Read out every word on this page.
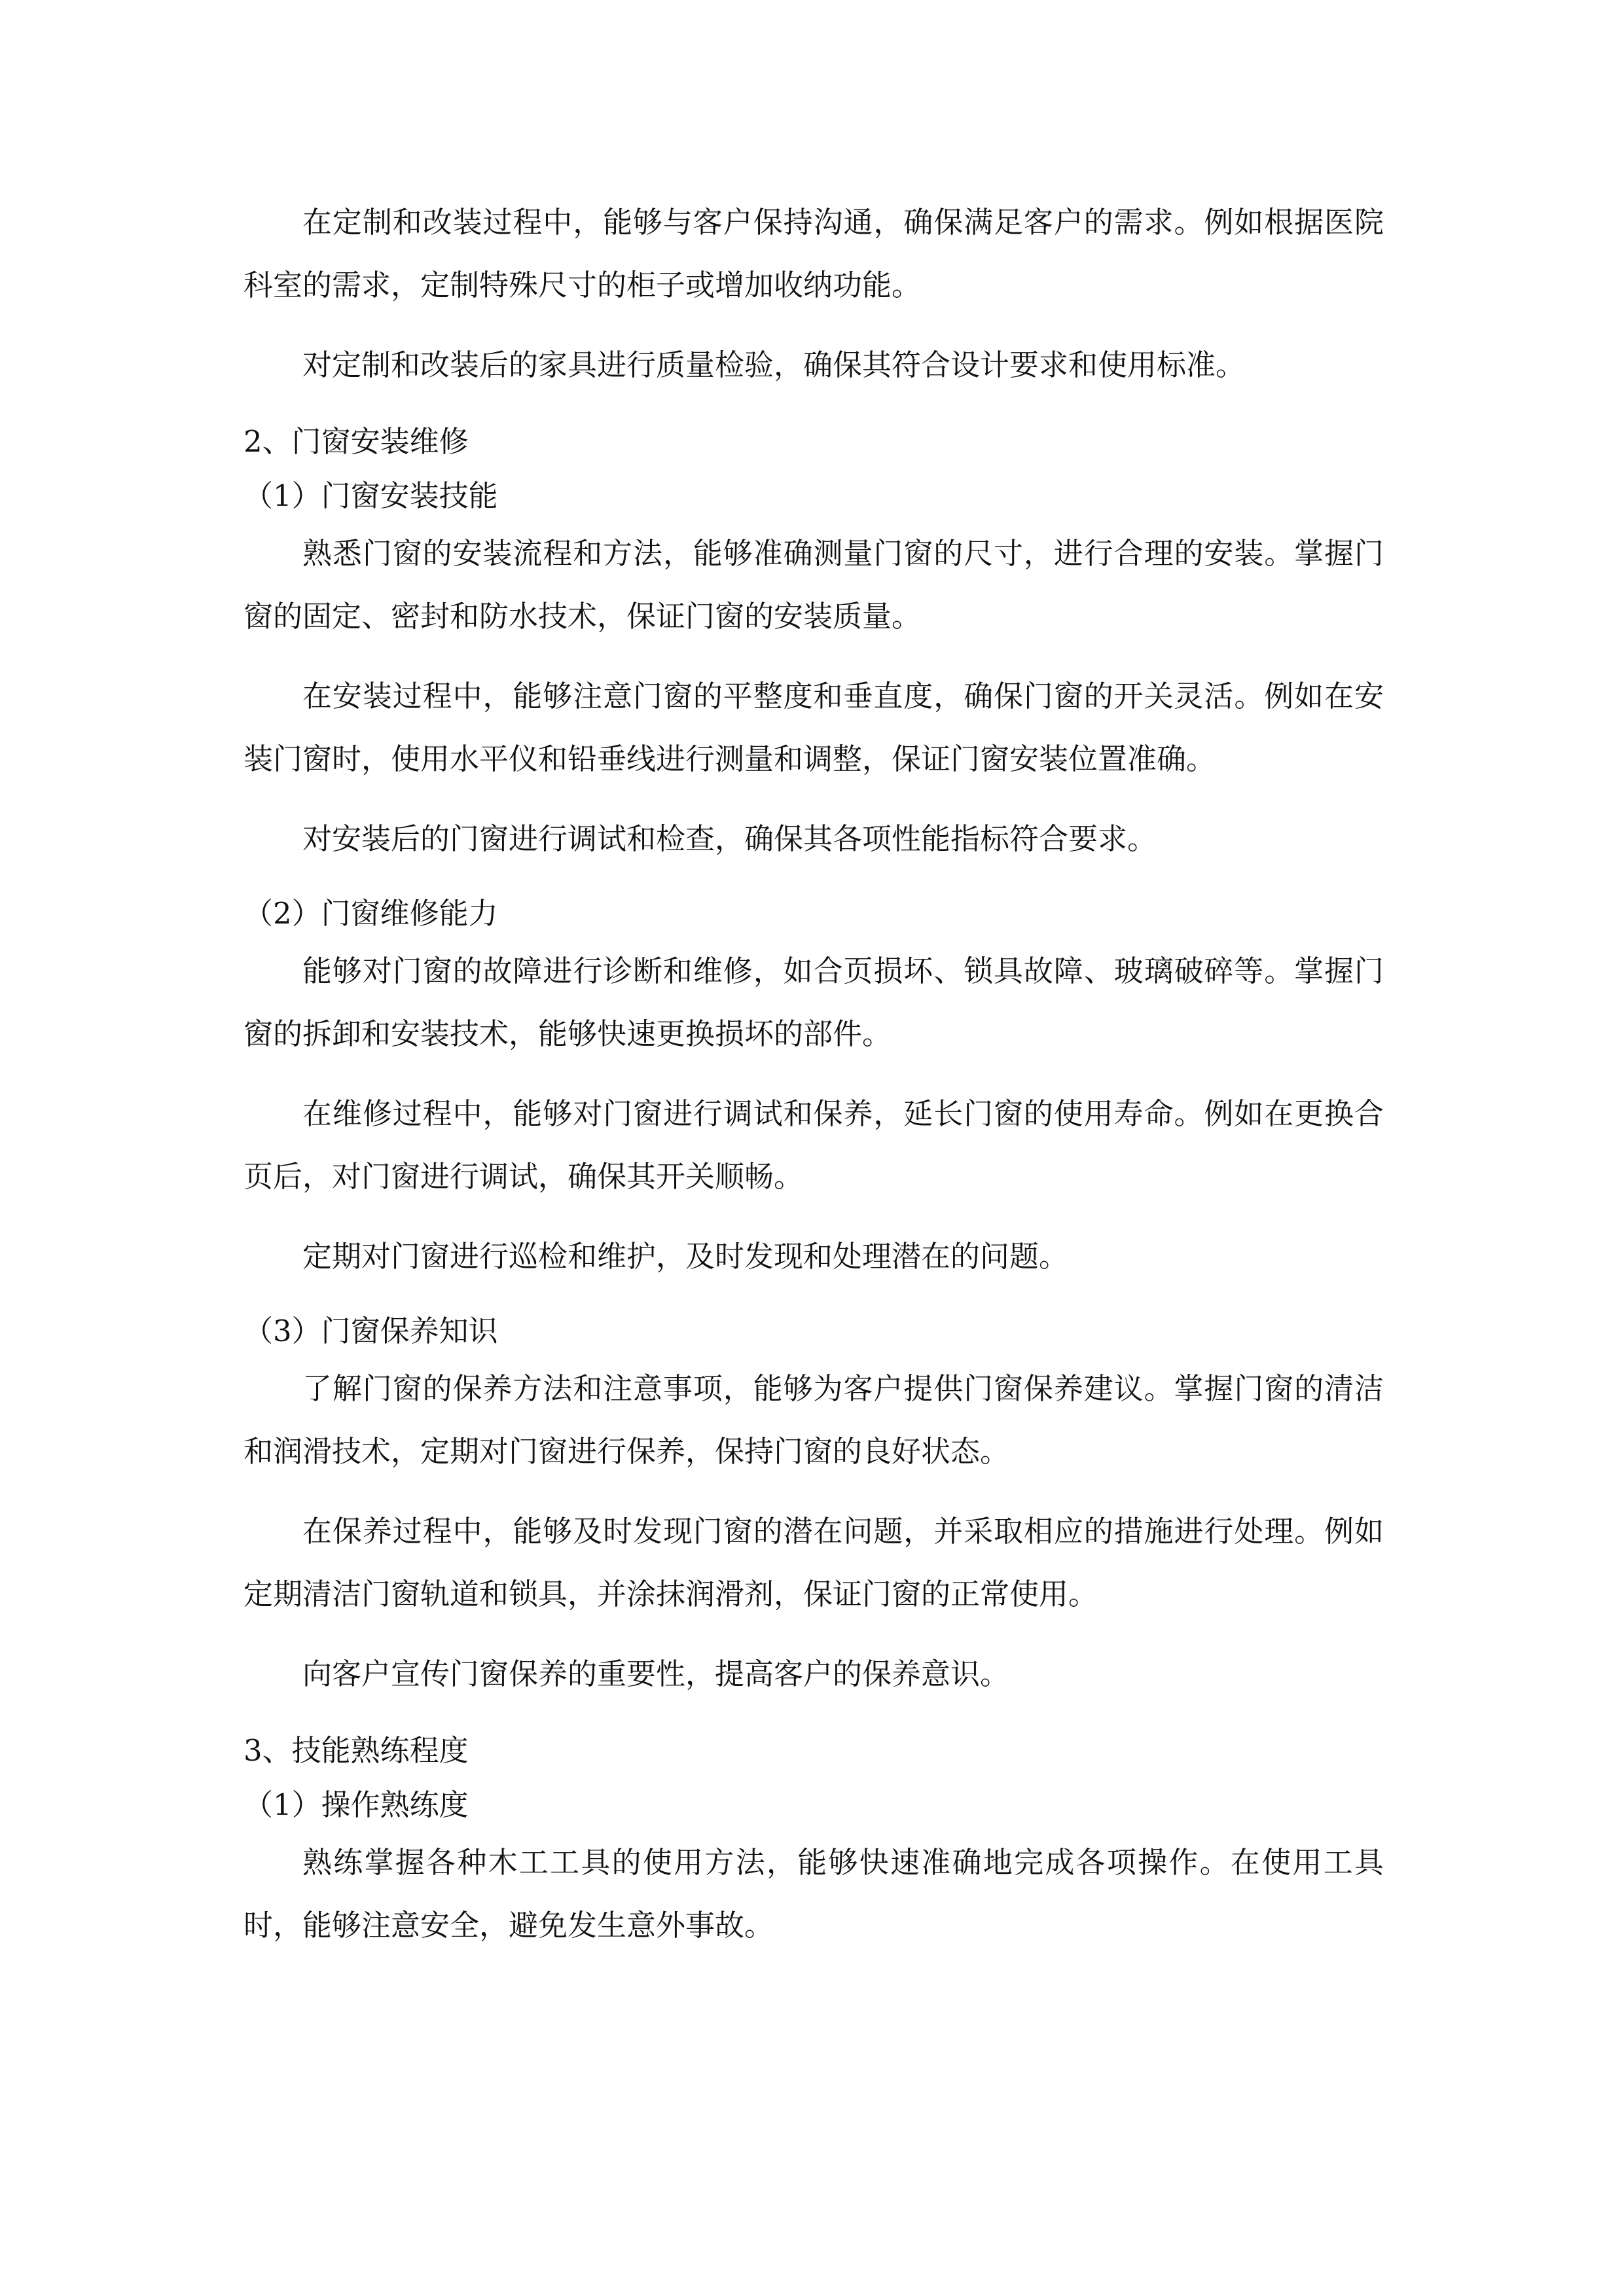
在定制和改装过程中，能够与客户保持沟通，确保满足客户的需求。例如根据医院科室的需求，定制特殊尺寸的柜子或增加收纳功能。

对定制和改装后的家具进行质量检验，确保其符合设计要求和使用标准。

2、门窗安装维修
（1）门窗安装技能

熟悉门窗的安装流程和方法，能够准确测量门窗的尺寸，进行合理的安装。掌握门窗的固定、密封和防水技术，保证门窗的安装质量。

在安装过程中，能够注意门窗的平整度和垂直度，确保门窗的开关灵活。例如在安装门窗时，使用水平仪和铅垂线进行测量和调整，保证门窗安装位置准确。

对安装后的门窗进行调试和检查，确保其各项性能指标符合要求。

（2）门窗维修能力

能够对门窗的故障进行诊断和维修，如合页损坏、锁具故障、玻璃破碎等。掌握门窗的拆卸和安装技术，能够快速更换损坏的部件。

在维修过程中，能够对门窗进行调试和保养，延长门窗的使用寿命。例如在更换合页后，对门窗进行调试，确保其开关顺畅。

定期对门窗进行巡检和维护，及时发现和处理潜在的问题。

（3）门窗保养知识

了解门窗的保养方法和注意事项，能够为客户提供门窗保养建议。掌握门窗的清洁和润滑技术，定期对门窗进行保养，保持门窗的良好状态。

在保养过程中，能够及时发现门窗的潜在问题，并采取相应的措施进行处理。例如定期清洁门窗轨道和锁具，并涂抹润滑剂，保证门窗的正常使用。

向客户宣传门窗保养的重要性，提高客户的保养意识。

3、技能熟练程度
（1）操作熟练度

熟练掌握各种木工工具的使用方法，能够快速准确地完成各项操作。在使用工具时，能够注意安全，避免发生意外事故。
